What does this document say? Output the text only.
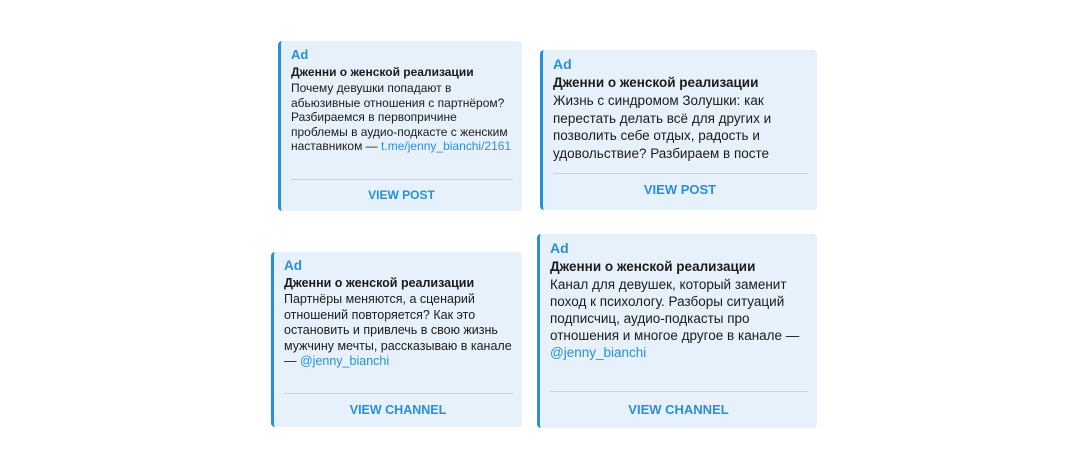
Ad

Дженни о женской реализации

Почему девушки попадают в абьюзивные отношения с партнёром? Разбираемся в первопричине проблемы в аудио-подкасте с женским наставником — t.me/jenny_bianchi/2161

VIEW POST

Ad

Дженни о женской реализации

Жизнь с синдромом Золушки: как перестать делать всё для других и позволить себе отдых, радость и удовольствие? Разбираем в посте

VIEW POST

Ad

Дженни о женской реализации

Партнёры меняются, а сценарий отношений повторяется? Как это остановить и привлечь в свою жизнь мужчину мечты, рассказываю в канале — @jenny_bianchi

VIEW CHANNEL

Ad

Дженни о женской реализации

Канал для девушек, который заменит поход к психологу. Разборы ситуаций подписчиц, аудио-подкасты про отношения и многое другое в канале — @jenny_bianchi

VIEW CHANNEL
